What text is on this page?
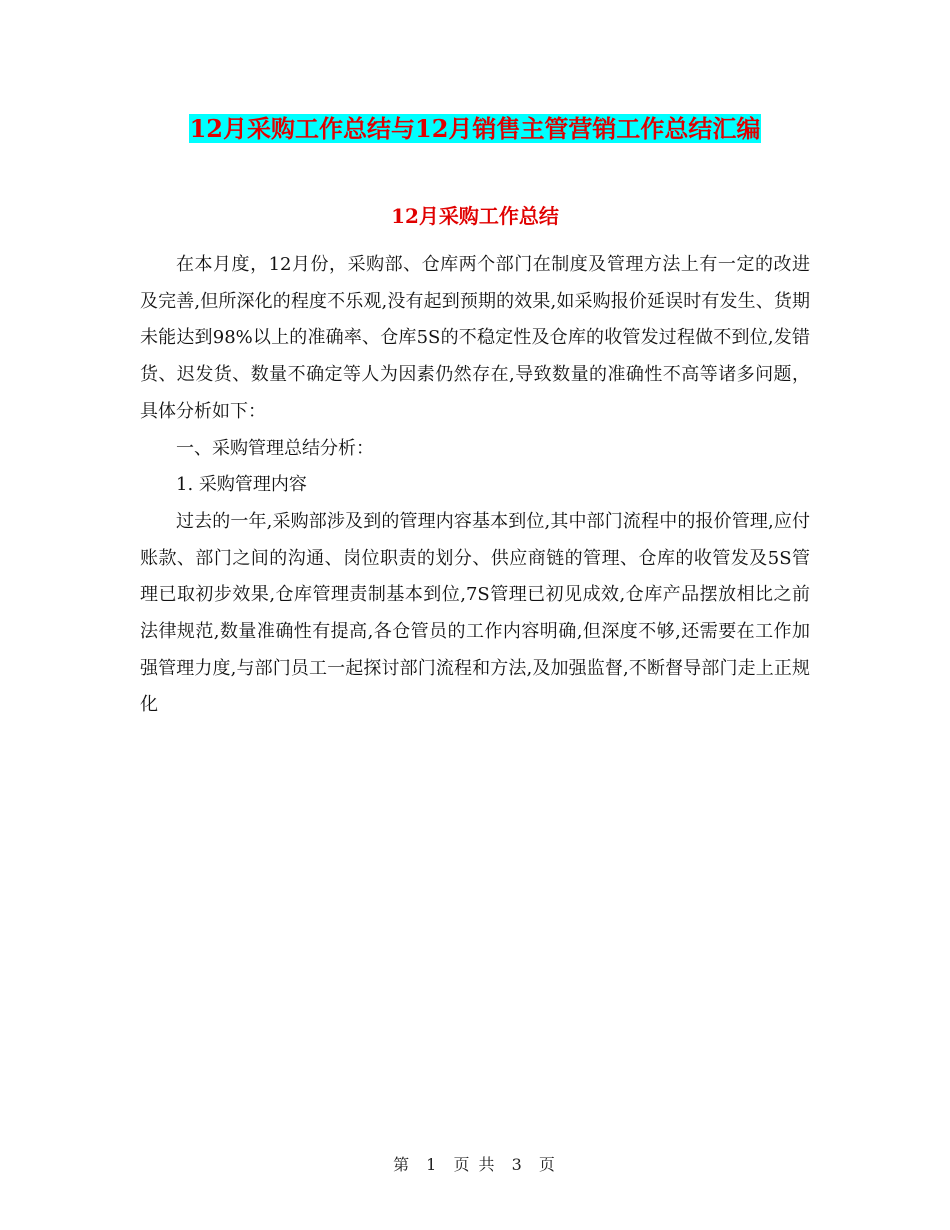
12月采购工作总结与12月销售主管营销工作总结汇编
12月采购工作总结

在本月度，12月份，采购部、仓库两个部门在制度及管理方法上有一定的改进及完善,但所深化的程度不乐观,没有起到预期的效果,如采购报价延误时有发生、货期未能达到98%以上的准确率、仓库5S的不稳定性及仓库的收管发过程做不到位,发错货、迟发货、数量不确定等人为因素仍然存在,导致数量的准确性不高等诸多问题，具体分析如下：

一、采购管理总结分析：

1. 采购管理内容

过去的一年,采购部涉及到的管理内容基本到位,其中部门流程中的报价管理,应付账款、部门之间的沟通、岗位职责的划分、供应商链的管理、仓库的收管发及5S管理已取初步效果,仓库管理责制基本到位,7S管理已初见成效,仓库产品摆放相比之前法律规范,数量准确性有提高,各仓管员的工作内容明确,但深度不够,还需要在工作加强管理力度,与部门员工一起探讨部门流程和方法,及加强监督,不断督导部门走上正规化

第 1 页 共 3 页
